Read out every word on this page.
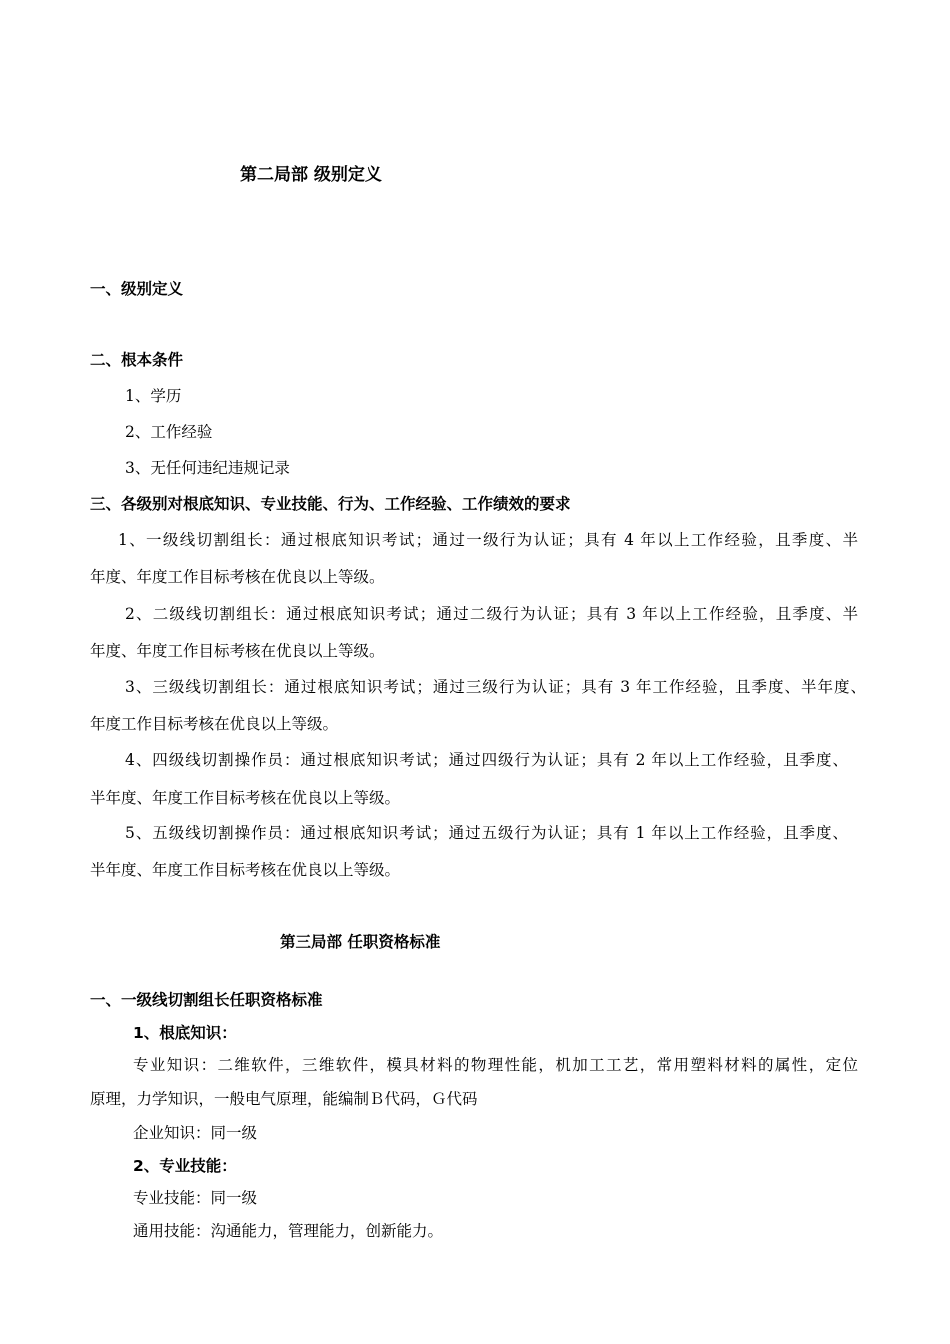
第二局部 级别定义
一、级别定义
二、根本条件
1、学历
2、工作经验
3、无任何违纪违规记录
三、各级别对根底知识、专业技能、行为、工作经验、工作绩效的要求
1、一级线切割组长：通过根底知识考试；通过一级行为认证；具有 4 年以上工作经验，且季度、半
年度、年度工作目标考核在优良以上等级。
2、二级线切割组长：通过根底知识考试；通过二级行为认证；具有 3 年以上工作经验，且季度、半
年度、年度工作目标考核在优良以上等级。
3、三级线切割组长：通过根底知识考试；通过三级行为认证；具有 3 年工作经验，且季度、半年度、
年度工作目标考核在优良以上等级。
4、四级线切割操作员：通过根底知识考试；通过四级行为认证；具有 2 年以上工作经验，且季度、
半年度、年度工作目标考核在优良以上等级。
5、五级线切割操作员：通过根底知识考试；通过五级行为认证；具有 1 年以上工作经验，且季度、
半年度、年度工作目标考核在优良以上等级。
第三局部 任职资格标准
一、一级线切割组长任职资格标准
1、根底知识：
专业知识：二维软件，三维软件，模具材料的物理性能，机加工工艺，常用塑料材料的属性，定位
原理，力学知识，一般电气原理，能编制Ｂ代码，Ｇ代码
企业知识：同一级
2、专业技能：
专业技能：同一级
通用技能：沟通能力，管理能力，创新能力。
